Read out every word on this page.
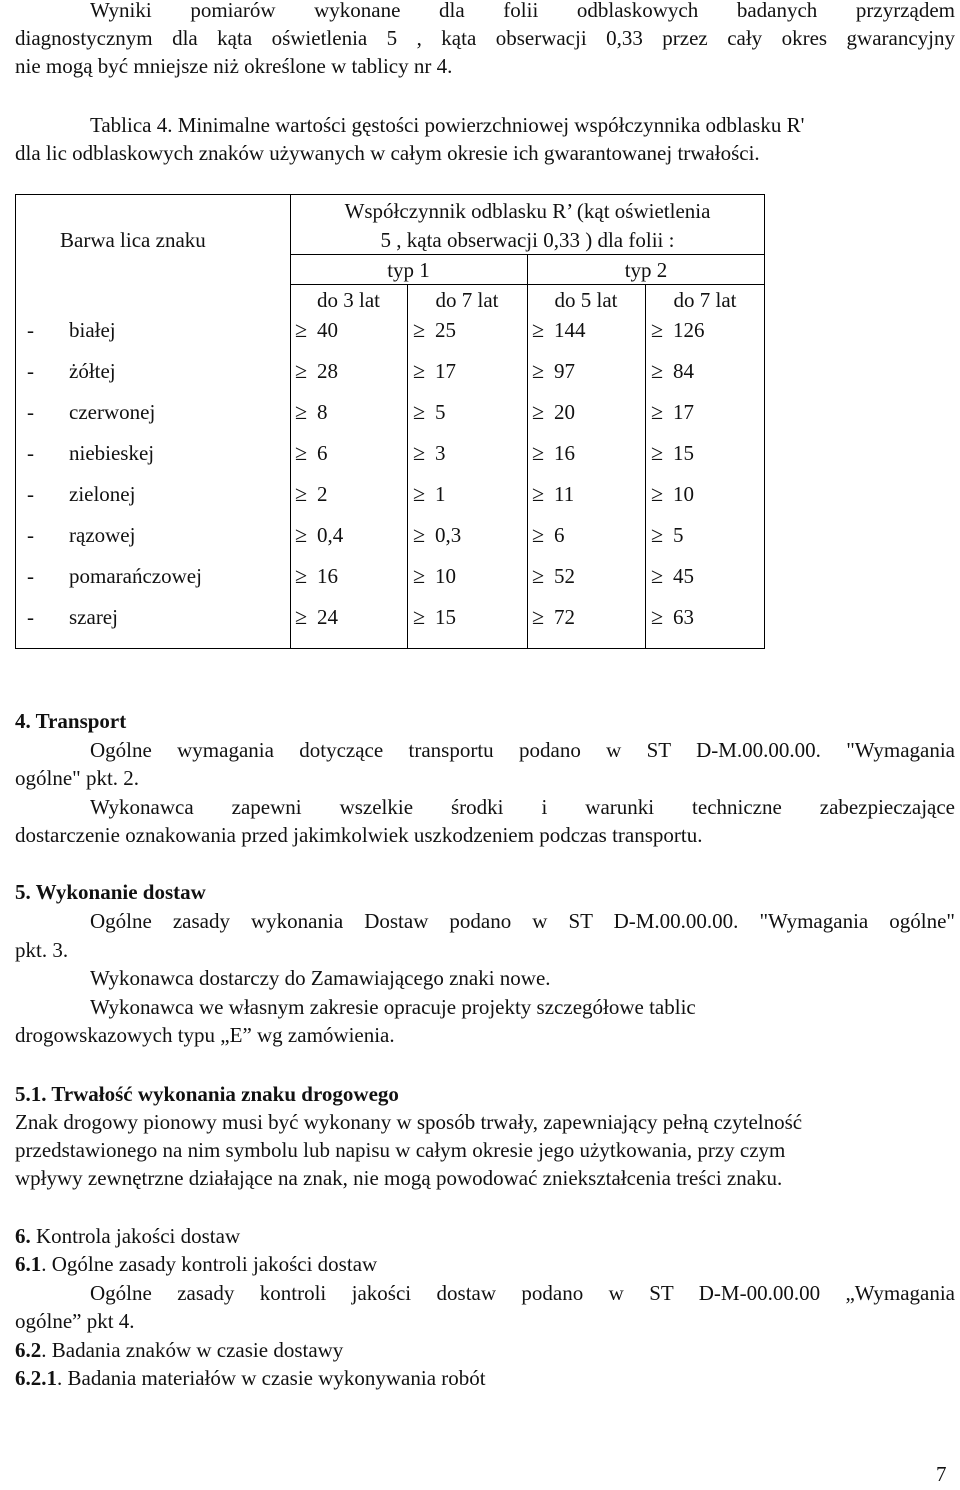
Wyniki pomiarów wykonane dla folii odblaskowych badanych przyrządem
diagnostycznym dla kąta oświetlenia 5 , kąta obserwacji 0,33 przez cały okres gwarancyjny
nie mogą być mniejsze niż określone w tablicy nr 4.
Tablica 4. Minimalne wartości gęstości powierzchniowej współczynnika odblasku R'
dla lic odblaskowych znaków używanych w całym okresie ich gwarantowanej trwałości.
Barwa lica znaku
Współczynnik odblasku R’ (kąt oświetlenia
5 , kąta obserwacji 0,33 ) dla folii :
typ 1	typ 2
do 3 lat	do 7 lat	do 5 lat	do 7 lat
- białej	≥ 40	≥ 25	≥ 144	≥ 126
- żółtej	≥ 28	≥ 17	≥ 97	≥ 84
- czerwonej	≥ 8	≥ 5	≥ 20	≥ 17
- niebieskej	≥ 6	≥ 3	≥ 16	≥ 15
- zielonej	≥ 2	≥ 1	≥ 11	≥ 10
- rązowej	≥ 0,4	≥ 0,3	≥ 6	≥ 5
- pomarańczowej	≥ 16	≥ 10	≥ 52	≥ 45
- szarej	≥ 24	≥ 15	≥ 72	≥ 63
4. Transport
Ogólne wymagania dotyczące transportu podano w ST D-M.00.00.00. "Wymagania
ogólne" pkt. 2.
Wykonawca zapewni wszelkie środki i warunki techniczne zabezpieczające
dostarczenie oznakowania przed jakimkolwiek uszkodzeniem podczas transportu.
5. Wykonanie dostaw
Ogólne zasady wykonania Dostaw podano w ST D-M.00.00.00. "Wymagania ogólne"
pkt. 3.
Wykonawca dostarczy do Zamawiającego znaki nowe.
Wykonawca we własnym zakresie opracuje projekty szczegółowe tablic
drogowskazowych typu „E” wg zamówienia.
5.1. Trwałość wykonania znaku drogowego
Znak drogowy pionowy musi być wykonany w sposób trwały, zapewniający pełną czytelność
przedstawionego na nim symbolu lub napisu w całym okresie jego użytkowania, przy czym
wpływy zewnętrzne działające na znak, nie mogą powodować zniekształcenia treści znaku.
6. Kontrola jakości dostaw
6.1. Ogólne zasady kontroli jakości dostaw
Ogólne zasady kontroli jakości dostaw podano w ST D-M-00.00.00 „Wymagania
ogólne” pkt 4.
6.2. Badania znaków w czasie dostawy
6.2.1. Badania materiałów w czasie wykonywania robót
7
